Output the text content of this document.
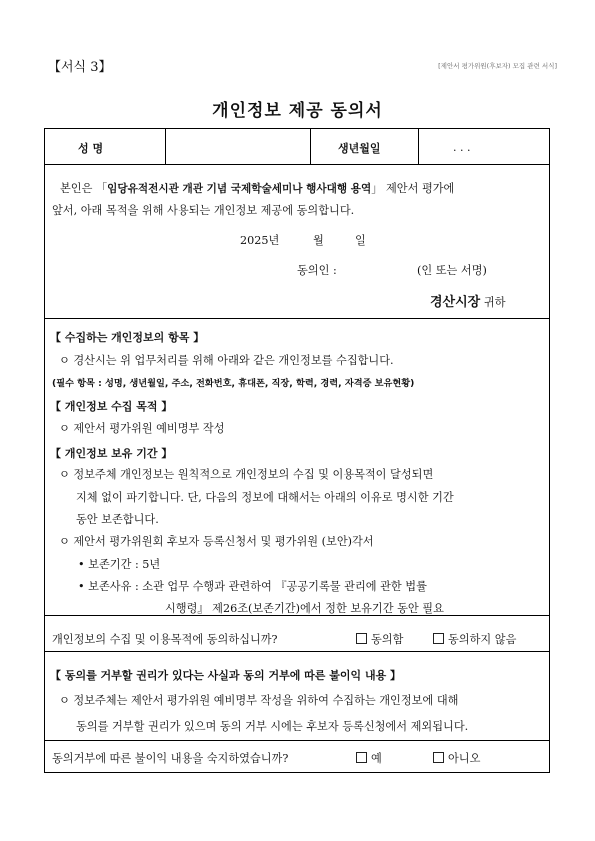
【서식 3】	[제안서 평가위원(후보자) 모집 관련 서식]
개인정보 제공 동의서
성 명	생년월일	. . .
본인은 「임당유적전시관 개관 기념 국제학술세미나 행사대행 용역」 제안서 평가에
앞서, 아래 목적을 위해 사용되는 개인정보 제공에 동의합니다.
2025년	월	일
동의인 :	(인 또는 서명)
경산시장 귀하
【 수집하는 개인정보의 항목 】
ㅇ 경산시는 위 업무처리를 위해 아래와 같은 개인정보를 수집합니다.
(필수 항목 : 성명, 생년월일, 주소, 전화번호, 휴대폰, 직장, 학력, 경력, 자격증 보유현황)
【 개인정보 수집 목적 】
ㅇ 제안서 평가위원 예비명부 작성
【 개인정보 보유 기간 】
ㅇ 정보주체 개인정보는 원칙적으로 개인정보의 수집 및 이용목적이 달성되면
지체 없이 파기합니다. 단, 다음의 정보에 대해서는 아래의 이유로 명시한 기간
동안 보존합니다.
ㅇ 제안서 평가위원회 후보자 등록신청서 및 평가위원 (보안)각서
• 보존기간 : 5년
• 보존사유 : 소관 업무 수행과 관련하여 『공공기록물 관리에 관한 법률
시행령』 제26조(보존기간)에서 정한 보유기간 동안 필요
개인정보의 수집 및 이용목적에 동의하십니까?	동의함	동의하지 않음
【 동의를 거부할 권리가 있다는 사실과 동의 거부에 따른 불이익 내용 】
ㅇ 정보주체는 제안서 평가위원 예비명부 작성을 위하여 수집하는 개인정보에 대해
동의를 거부할 권리가 있으며 동의 거부 시에는 후보자 등록신청에서 제외됩니다.
동의거부에 따른 불이익 내용을 숙지하였습니까?	예	아니오
